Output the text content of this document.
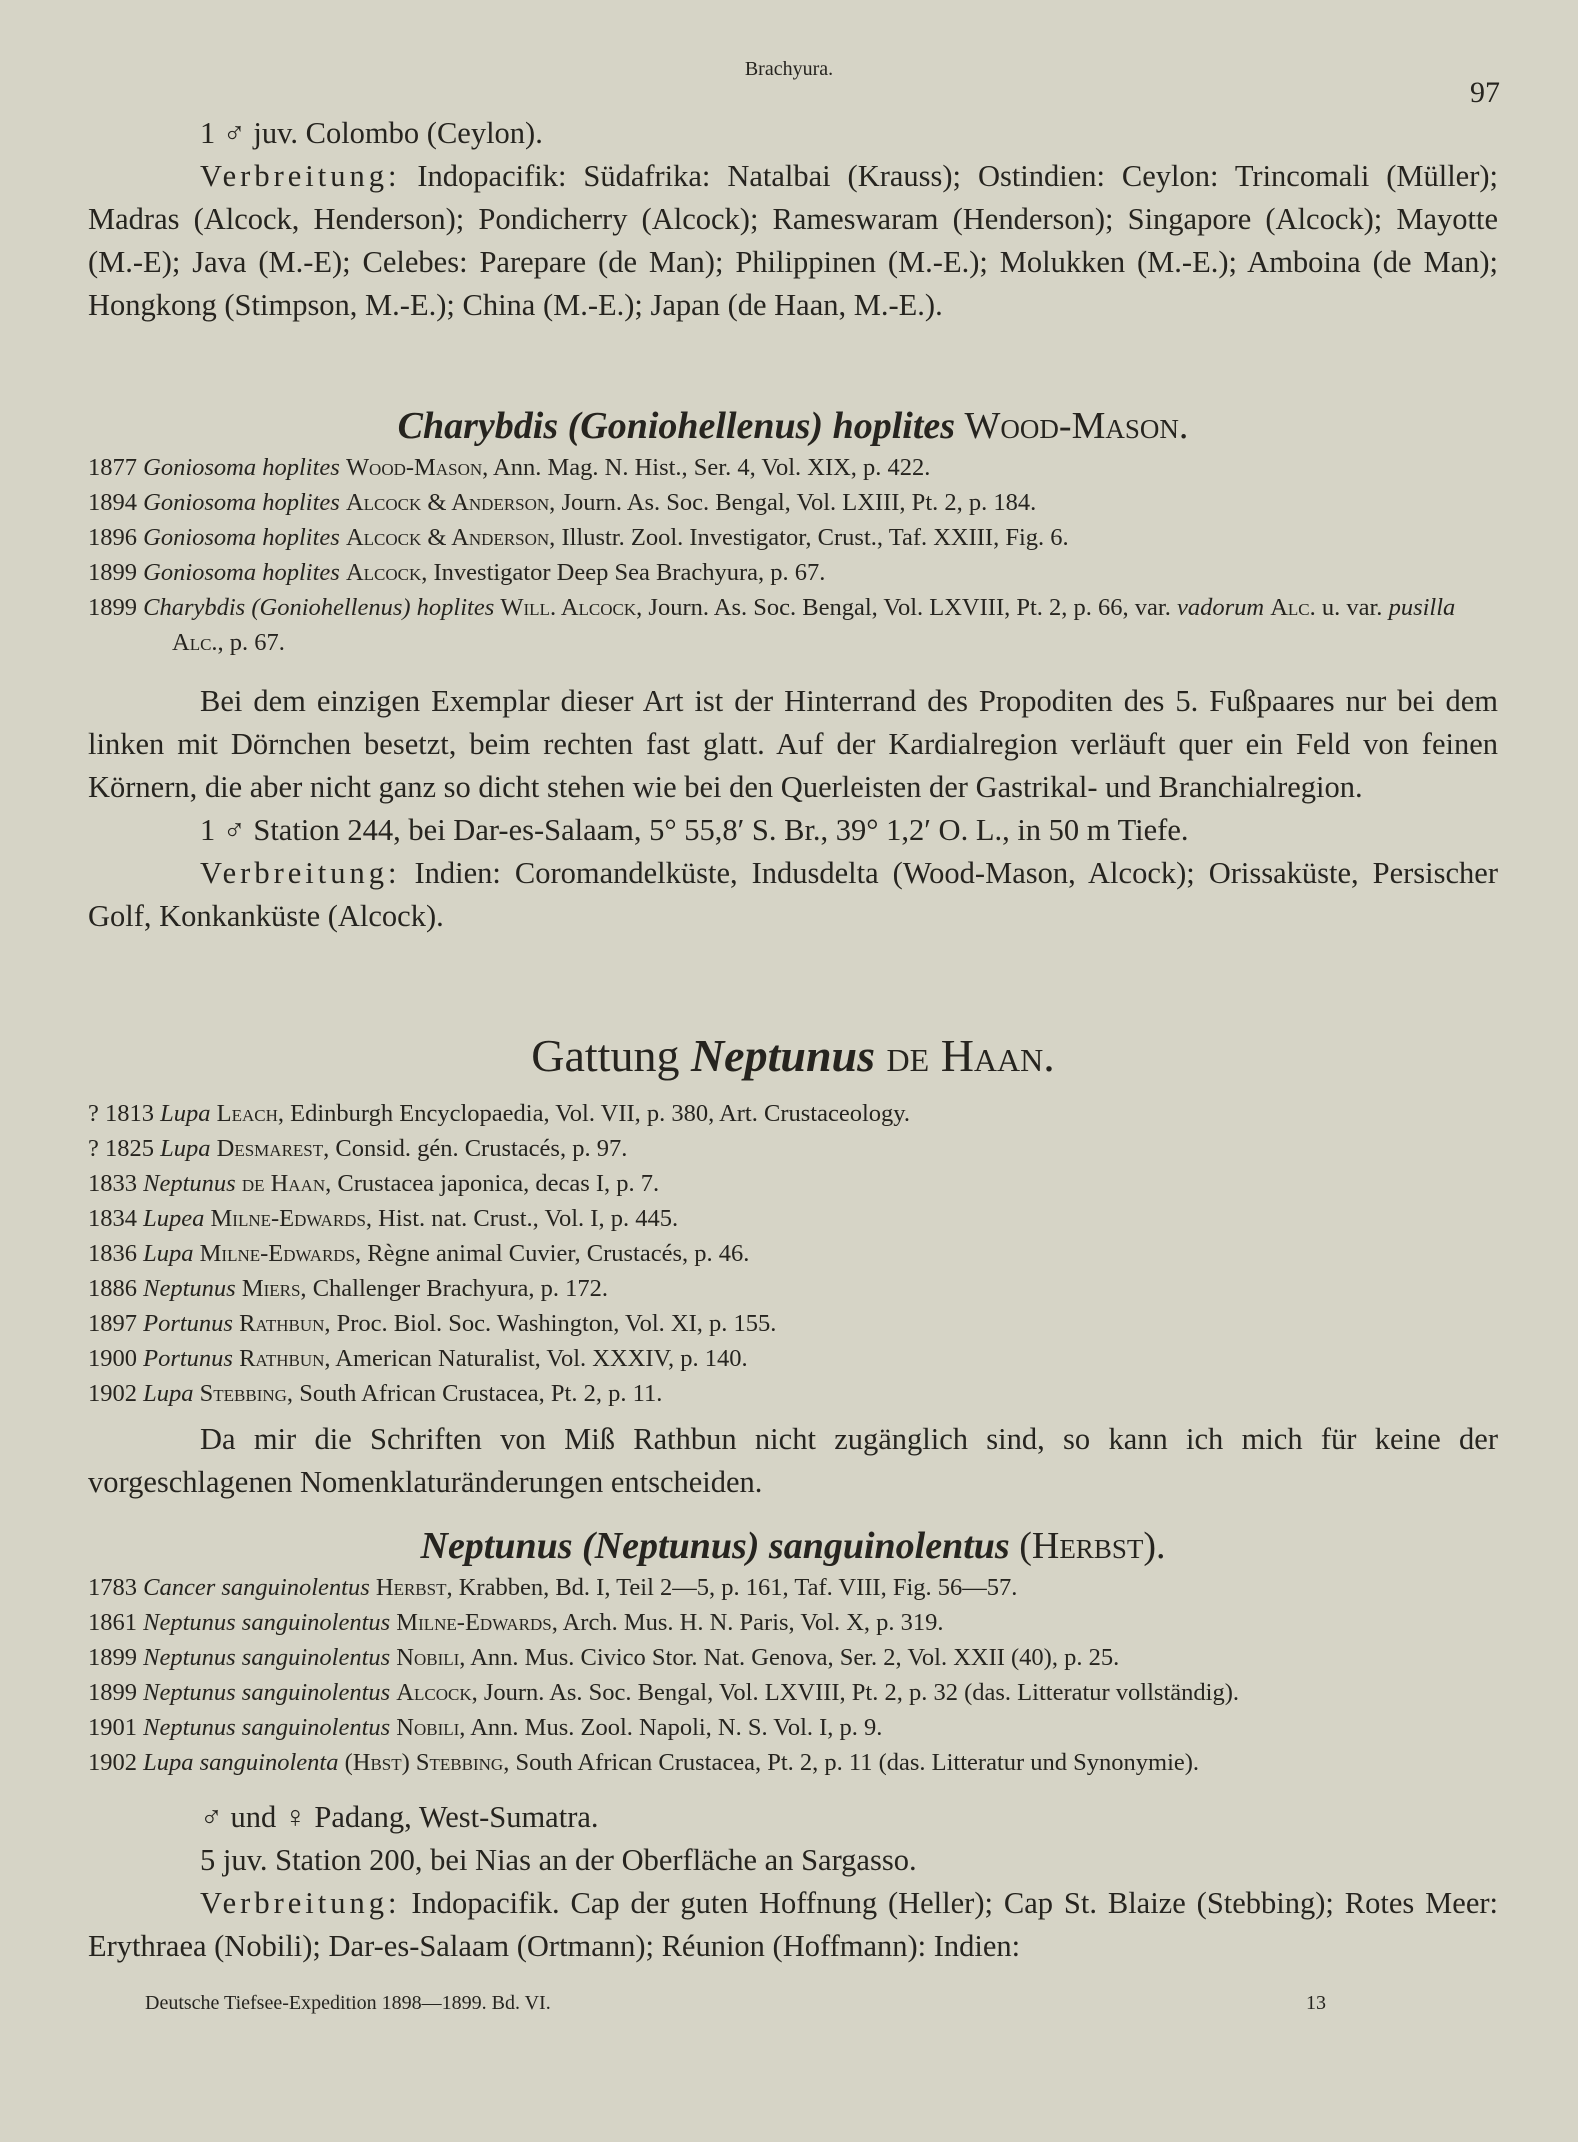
Brachyura.
97

1 ♂ juv. Colombo (Ceylon).

Verbreitung: Indopacifik: Südafrika: Natalbai (Krauss); Ostindien: Ceylon: Trincomali (Müller); Madras (Alcock, Henderson); Pondicherry (Alcock); Rameswaram (Henderson); Singapore (Alcock); Mayotte (M.-E); Java (M.-E); Celebes: Parepare (de Man); Philippinen (M.-E.); Molukken (M.-E.); Amboina (de Man); Hongkong (Stimpson, M.-E.); China (M.-E.); Japan (de Haan, M.-E.).

Charybdis (Goniohellenus) hoplites Wood-Mason.
1877 Goniosoma hoplites Wood-Mason, Ann. Mag. N. Hist., Ser. 4, Vol. XIX, p. 422.
1894 Goniosoma hoplites Alcock & Anderson, Journ. As. Soc. Bengal, Vol. LXIII, Pt. 2, p. 184.
1896 Goniosoma hoplites Alcock & Anderson, Illustr. Zool. Investigator, Crust., Taf. XXIII, Fig. 6.
1899 Goniosoma hoplites Alcock, Investigator Deep Sea Brachyura, p. 67.
1899 Charybdis (Goniohellenus) hoplites Will. Alcock, Journ. As. Soc. Bengal, Vol. LXVIII, Pt. 2, p. 66, var. vadorum Alc. u. var. pusilla Alc., p. 67.

Bei dem einzigen Exemplar dieser Art ist der Hinterrand des Propoditen des 5. Fußpaares nur bei dem linken mit Dörnchen besetzt, beim rechten fast glatt. Auf der Kardialregion verläuft quer ein Feld von feinen Körnern, die aber nicht ganz so dicht stehen wie bei den Querleisten der Gastrikal- und Branchialregion.

1 ♂ Station 244, bei Dar-es-Salaam, 5° 55,8′ S. Br., 39° 1,2′ O. L., in 50 m Tiefe.

Verbreitung: Indien: Coromandelküste, Indusdelta (Wood-Mason, Alcock); Orissaküste, Persischer Golf, Konkanküste (Alcock).

Gattung Neptunus de Haan.
? 1813 Lupa Leach, Edinburgh Encyclopaedia, Vol. VII, p. 380, Art. Crustaceology.
? 1825 Lupa Desmarest, Consid. gén. Crustacés, p. 97.
1833 Neptunus de Haan, Crustacea japonica, decas I, p. 7.
1834 Lupea Milne-Edwards, Hist. nat. Crust., Vol. I, p. 445.
1836 Lupa Milne-Edwards, Règne animal Cuvier, Crustacés, p. 46.
1886 Neptunus Miers, Challenger Brachyura, p. 172.
1897 Portunus Rathbun, Proc. Biol. Soc. Washington, Vol. XI, p. 155.
1900 Portunus Rathbun, American Naturalist, Vol. XXXIV, p. 140.
1902 Lupa Stebbing, South African Crustacea, Pt. 2, p. 11.

Da mir die Schriften von Miß Rathbun nicht zugänglich sind, so kann ich mich für keine der vorgeschlagenen Nomenklaturänderungen entscheiden.

Neptunus (Neptunus) sanguinolentus (Herbst).
1783 Cancer sanguinolentus Herbst, Krabben, Bd. I, Teil 2—5, p. 161, Taf. VIII, Fig. 56—57.
1861 Neptunus sanguinolentus Milne-Edwards, Arch. Mus. H. N. Paris, Vol. X, p. 319.
1899 Neptunus sanguinolentus Nobili, Ann. Mus. Civico Stor. Nat. Genova, Ser. 2, Vol. XXII (40), p. 25.
1899 Neptunus sanguinolentus Alcock, Journ. As. Soc. Bengal, Vol. LXVIII, Pt. 2, p. 32 (das. Litteratur vollständig).
1901 Neptunus sanguinolentus Nobili, Ann. Mus. Zool. Napoli, N. S. Vol. I, p. 9.
1902 Lupa sanguinolenta (Hbst) Stebbing, South African Crustacea, Pt. 2, p. 11 (das. Litteratur und Synonymie).

♂ und ♀ Padang, West-Sumatra.

5 juv. Station 200, bei Nias an der Oberfläche an Sargasso.

Verbreitung: Indopacifik. Cap der guten Hoffnung (Heller); Cap St. Blaize (Stebbing); Rotes Meer: Erythraea (Nobili); Dar-es-Salaam (Ortmann); Réunion (Hoffmann): Indien:

Deutsche Tiefsee-Expedition 1898—1899. Bd. VI.	13
